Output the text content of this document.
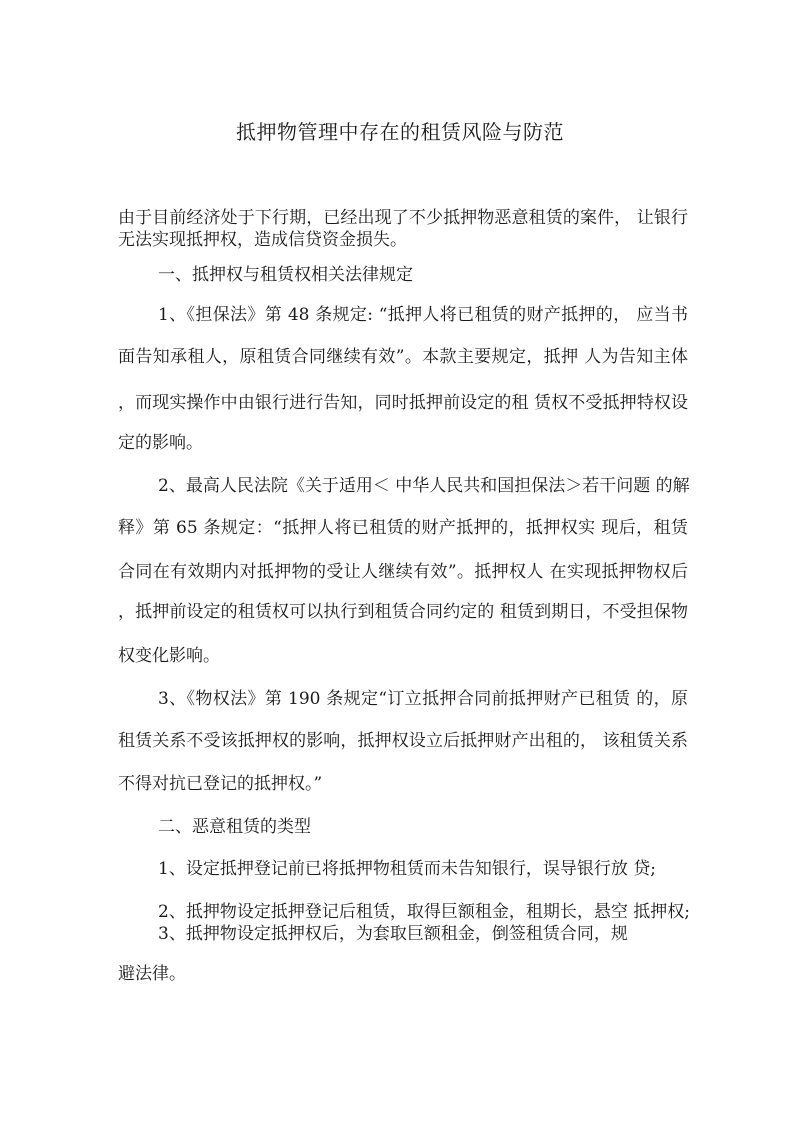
抵押物管理中存在的租赁风险与防范
由于目前经济处于下行期，已经出现了不少抵押物恶意租赁的案件， 让银行
无法实现抵押权，造成信贷资金损失。
一、抵押权与租赁权相关法律规定
1、《担保法》第 48 条规定: “抵押人将已租赁的财产抵押的， 应当书
面告知承租人，原租赁合同继续有效”。本款主要规定，抵押 人为告知主体
，而现实操作中由银行进行告知，同时抵押前设定的租 赁权不受抵押特权设
定的影响。
2、最高人民法院《关于适用＜ 中华人民共和国担保法＞若干问题 的解
释》第 65 条规定：“抵押人将已租赁的财产抵押的，抵押权实 现后，租赁
合同在有效期内对抵押物的受让人继续有效”。抵押权人 在实现抵押物权后
，抵押前设定的租赁权可以执行到租赁合同约定的 租赁到期日，不受担保物
权变化影响。
3、《物权法》第 190 条规定“订立抵押合同前抵押财产已租赁 的，原
租赁关系不受该抵押权的影响，抵押权设立后抵押财产出租的， 该租赁关系
不得对抗已登记的抵押权。”
二、恶意租赁的类型
1、设定抵押登记前已将抵押物租赁而未告知银行，误导银行放 贷;
2、抵押物设定抵押登记后租赁，取得巨额租金，租期长，悬空 抵押权;
3、抵押物设定抵押权后，为套取巨额租金，倒签租赁合同，规
避法律。
